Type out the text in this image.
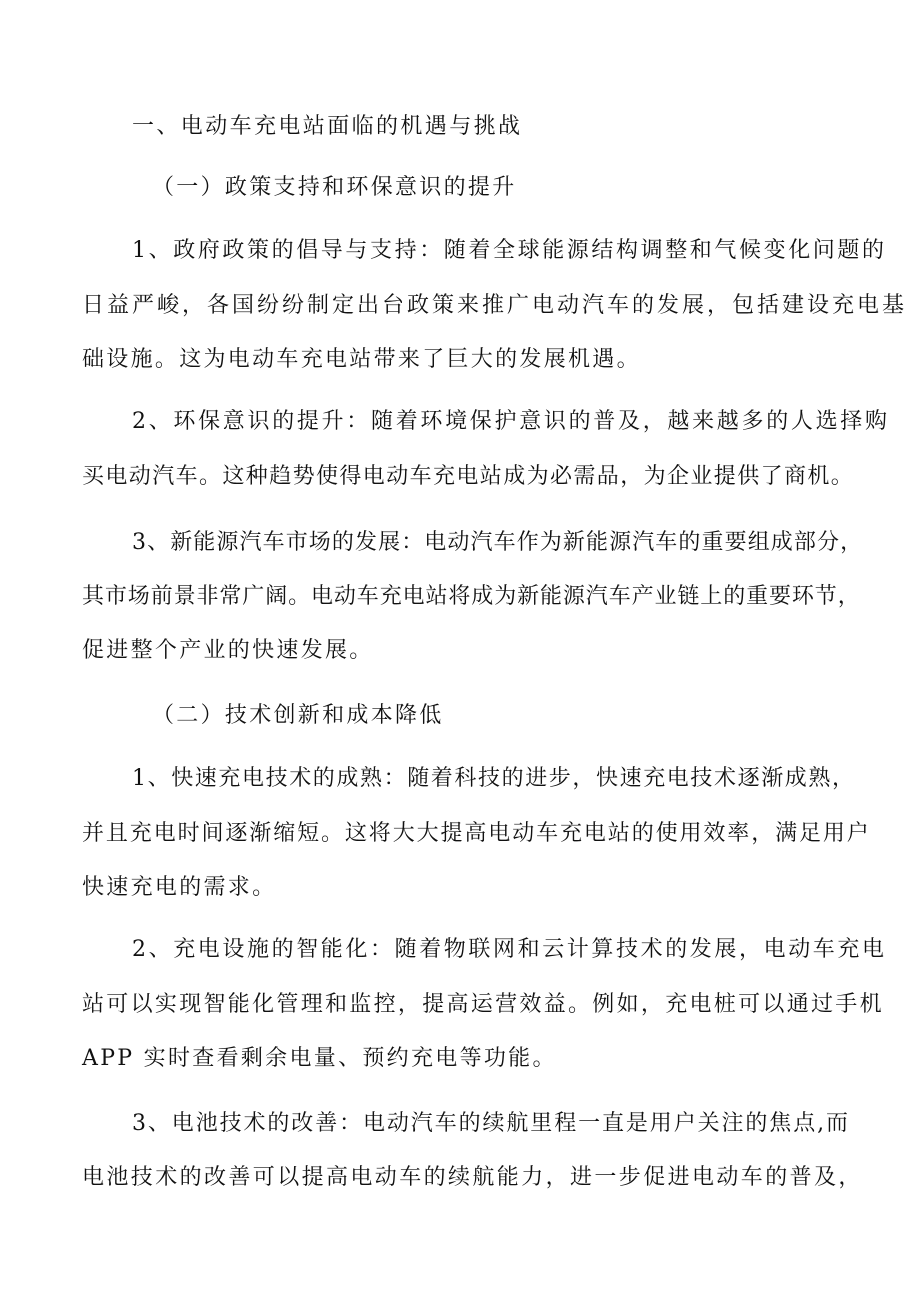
一、电动车充电站面临的机遇与挑战
（一）政策支持和环保意识的提升
1、政府政策的倡导与支持：随着全球能源结构调整和气候变化问题的
日益严峻，各国纷纷制定出台政策来推广电动汽车的发展，包括建设充电基
础设施。这为电动车充电站带来了巨大的发展机遇。
2、环保意识的提升：随着环境保护意识的普及，越来越多的人选择购
买电动汽车。这种趋势使得电动车充电站成为必需品，为企业提供了商机。
3、新能源汽车市场的发展：电动汽车作为新能源汽车的重要组成部分，
其市场前景非常广阔。电动车充电站将成为新能源汽车产业链上的重要环节，
促进整个产业的快速发展。
（二）技术创新和成本降低
1、快速充电技术的成熟：随着科技的进步，快速充电技术逐渐成熟，
并且充电时间逐渐缩短。这将大大提高电动车充电站的使用效率，满足用户
快速充电的需求。
2、充电设施的智能化：随着物联网和云计算技术的发展，电动车充电
站可以实现智能化管理和监控，提高运营效益。例如，充电桩可以通过手机
APP 实时查看剩余电量、预约充电等功能。
3、电池技术的改善：电动汽车的续航里程一直是用户关注的焦点,而
电池技术的改善可以提高电动车的续航能力，进一步促进电动车的普及，
